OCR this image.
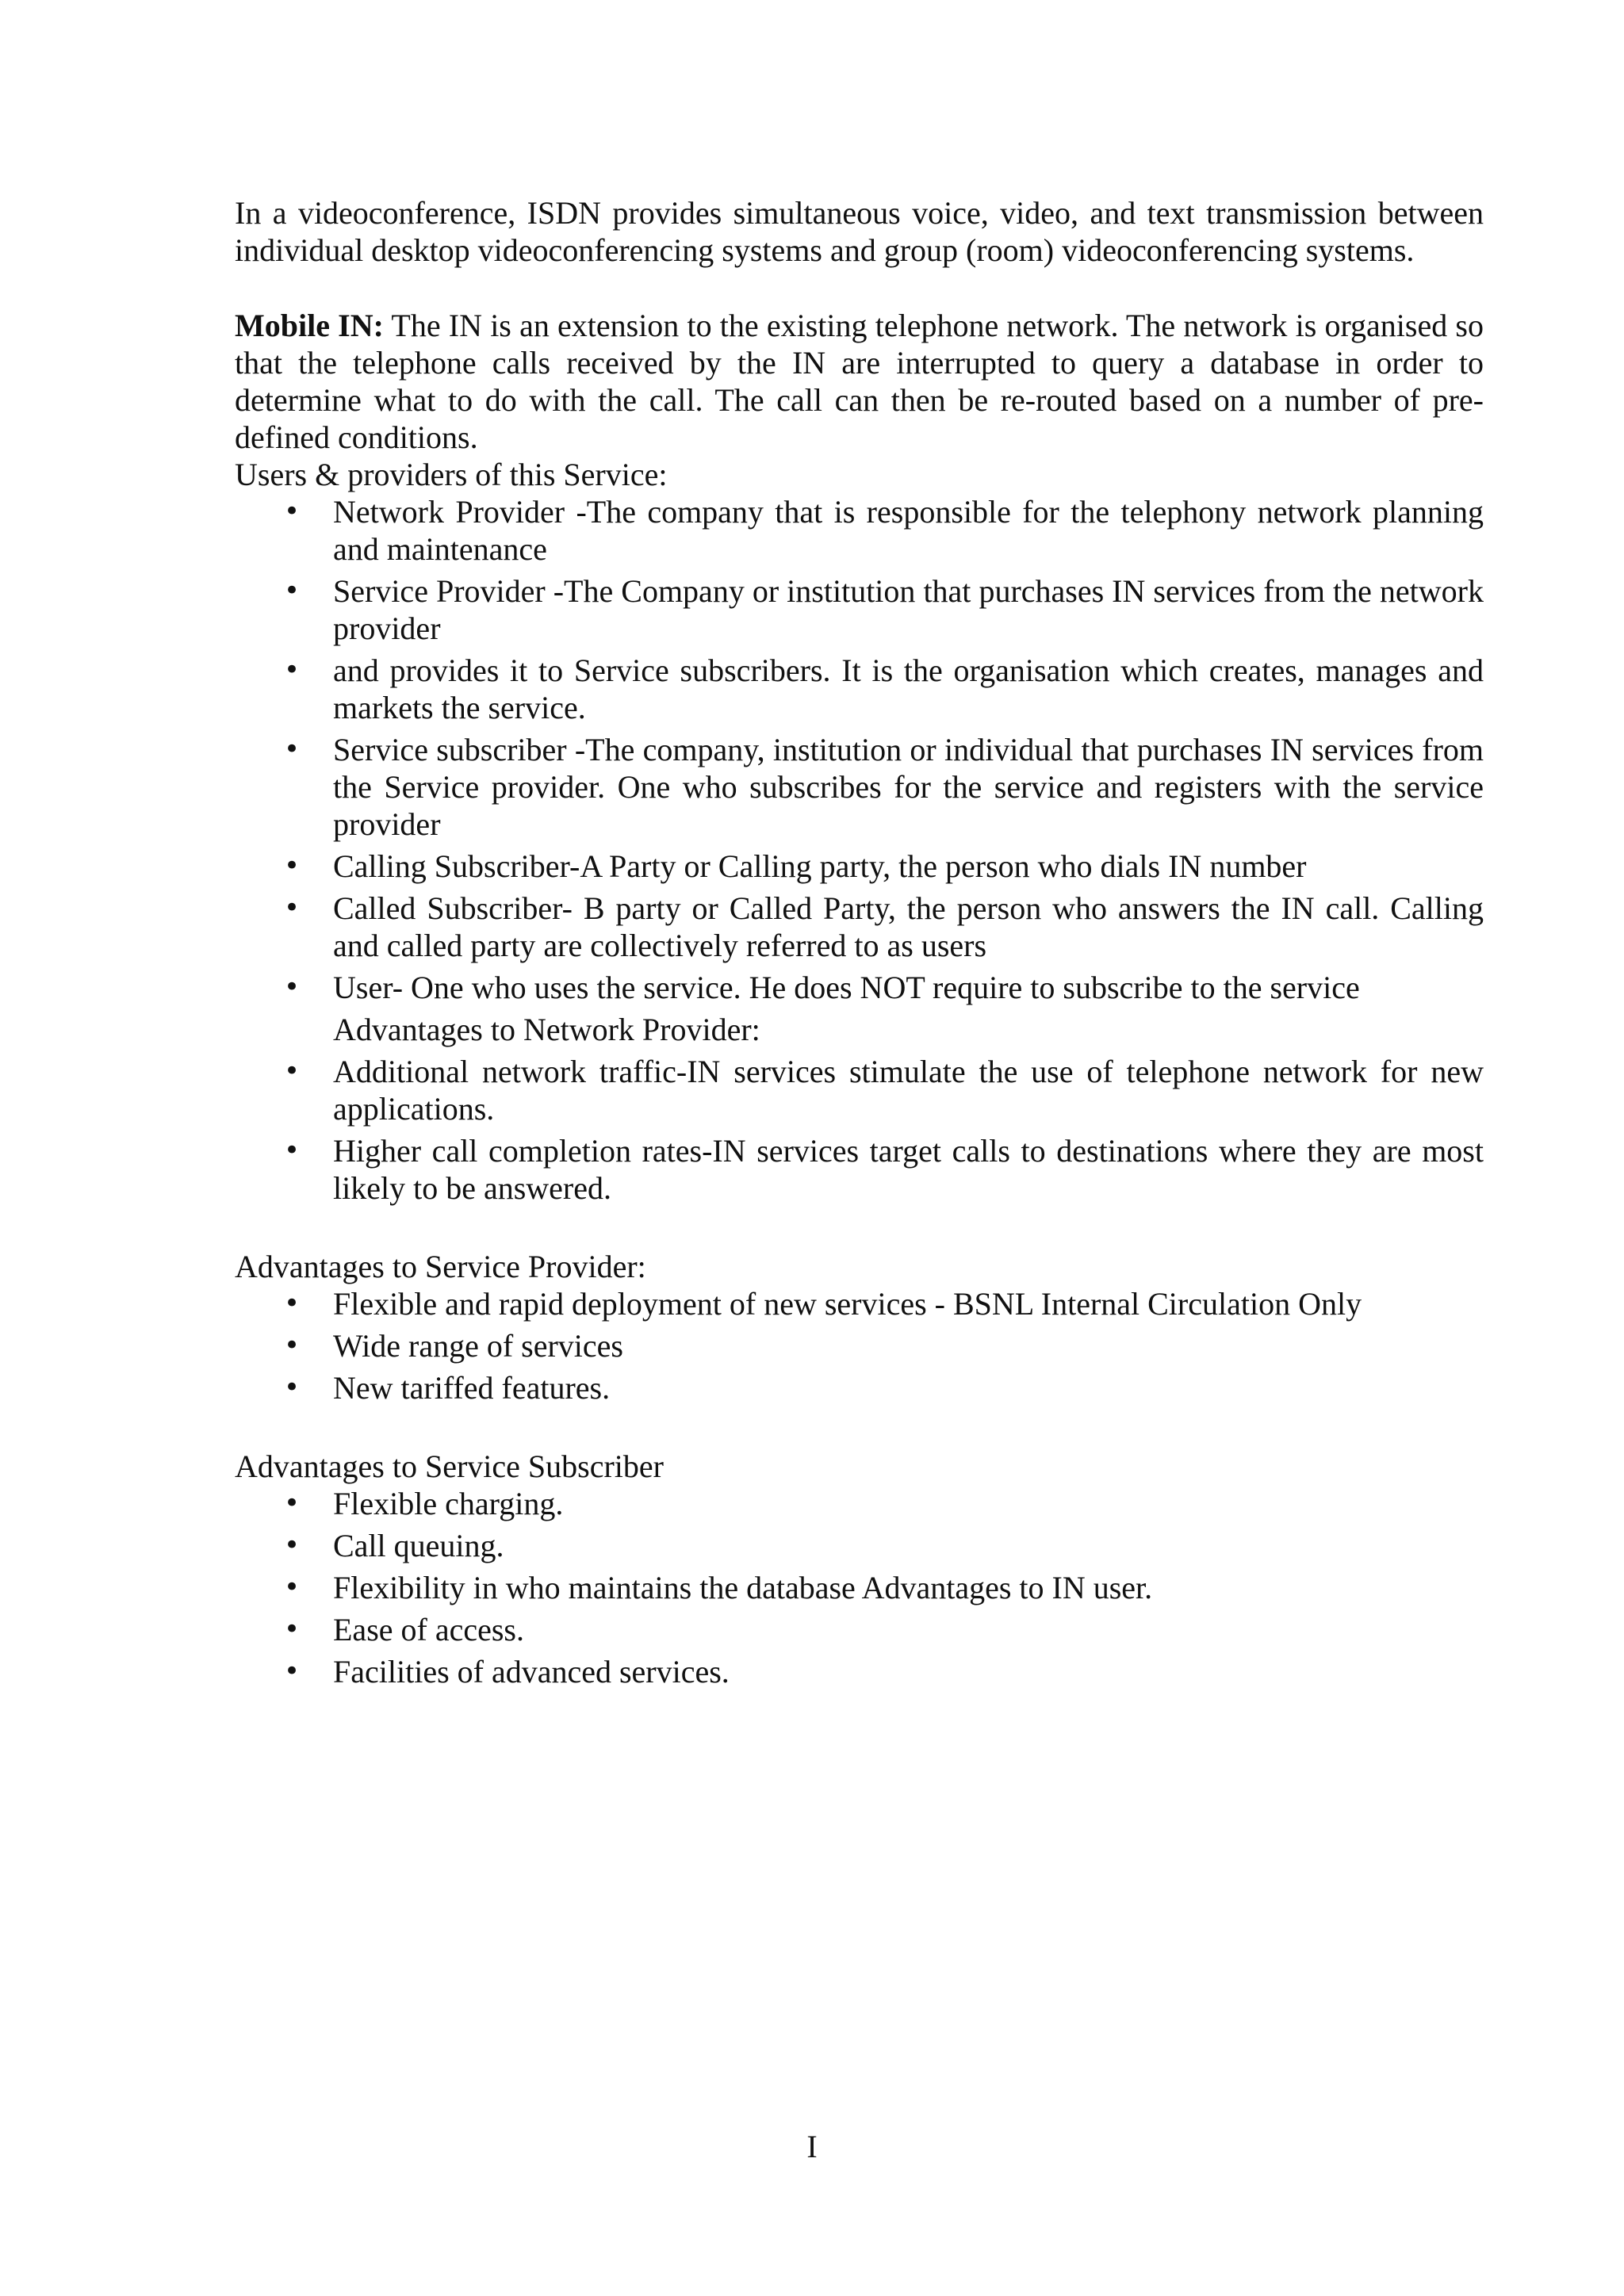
In a videoconference, ISDN provides simultaneous voice, video, and text transmission between individual desktop videoconferencing systems and group (room) videoconferencing systems.

Mobile IN: The IN is an extension to the existing telephone network. The network is organised so that the telephone calls received by the IN are interrupted to query a database in order to determine what to do with the call. The call can then be re-routed based on a number of pre-defined conditions.

Users & providers of this Service:

• Network Provider -The company that is responsible for the telephony network planning and maintenance
• Service Provider -The Company or institution that purchases IN services from the network provider
• and provides it to Service subscribers. It is the organisation which creates, manages and markets the service.
• Service subscriber -The company, institution or individual that purchases IN services from the Service provider. One who subscribes for the service and registers with the service provider
• Calling Subscriber-A Party or Calling party, the person who dials IN number
• Called Subscriber- B party or Called Party, the person who answers the IN call. Calling and called party are collectively referred to as users
• User- One who uses the service. He does NOT require to subscribe to the service
Advantages to Network Provider:
• Additional network traffic-IN services stimulate the use of telephone network for new applications.
• Higher call completion rates-IN services target calls to destinations where they are most likely to be answered.

Advantages to Service Provider:

• Flexible and rapid deployment of new services - BSNL Internal Circulation Only
• Wide range of services
• New tariffed features.

Advantages to Service Subscriber

• Flexible charging.
• Call queuing.
• Flexibility in who maintains the database Advantages to IN user.
• Ease of access.
• Facilities of advanced services.
I
